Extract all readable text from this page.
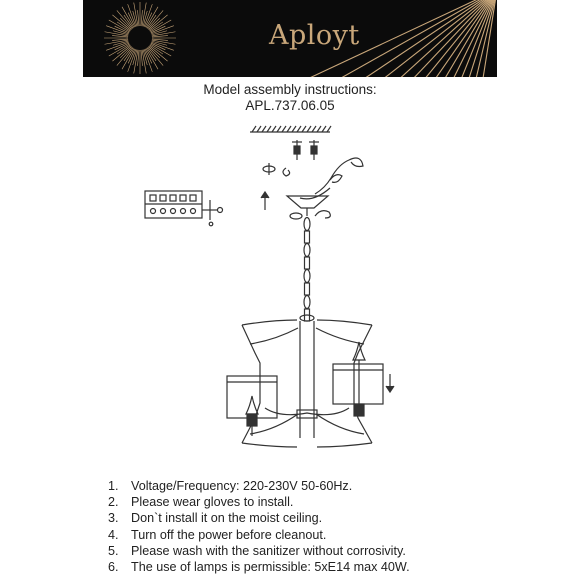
Aployt
Model assembly instructions:
APL.737.06.05
1. Voltage/Frequency: 220-230V 50-60Hz.
2. Please wear gloves to install.
3. Don`t install it on the moist ceiling.
4. Turn off the power before cleanout.
5. Please wash with the sanitizer without corrosivity.
6. The use of lamps is permissible: 5xE14 max 40W.
